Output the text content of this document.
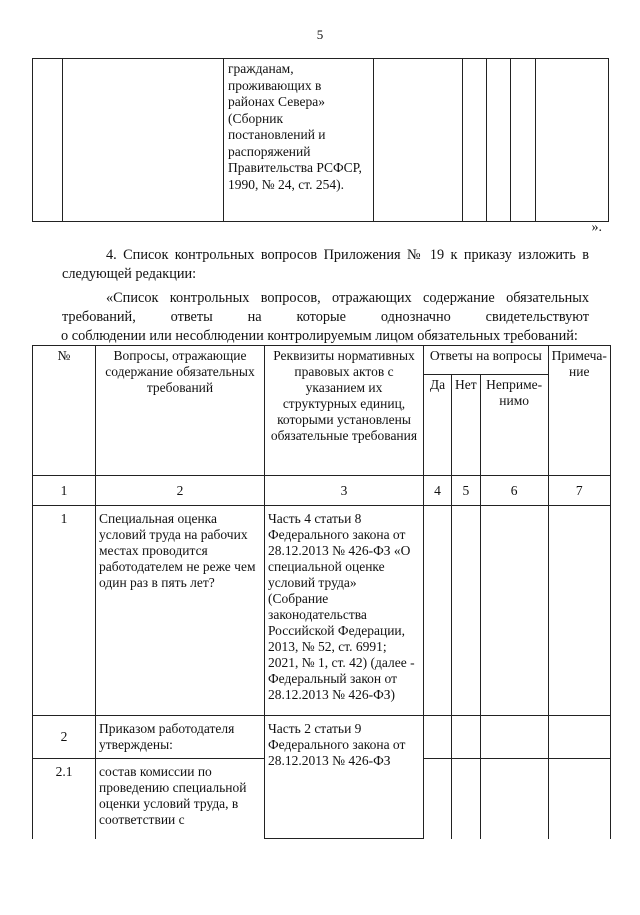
5
		гражданам, проживающих в районах Севера» (Сборник постановлений и распоряжений Правительства РСФСР, 1990, № 24, ст. 254).					
».
4. Список контрольных вопросов Приложения № 19 к приказу изложить в
следующей редакции:
«Список контрольных вопросов, отражающих содержание обязательных
требований, ответы на которые однозначно свидетельствуют
о соблюдении или несоблюдении контролируемым лицом обязательных требований:
№	Вопросы, отражающие содержание обязательных требований	Реквизиты нормативных правовых актов с указанием их структурных единиц, которыми установлены обязательные требования	Ответы на вопросы			Примеча-ние
			Да	Нет	Неприме-нимо	
1	2	3	4	5	6	7
1	Специальная оценка условий труда на рабочих местах проводится работодателем не реже чем один раз в пять лет?	Часть 4 статьи 8 Федерального закона от 28.12.2013 № 426-ФЗ «О специальной оценке условий труда» (Собрание законодательства Российской Федерации, 2013, № 52, ст. 6991; 2021, № 1, ст. 42) (далее - Федеральный закон от 28.12.2013 № 426-ФЗ)				
2	Приказом работодателя утверждены:	Часть 2 статьи 9 Федерального закона от 28.12.2013 № 426-ФЗ				
2.1	состав комиссии по проведению специальной оценки условий труда, в соответствии с					
